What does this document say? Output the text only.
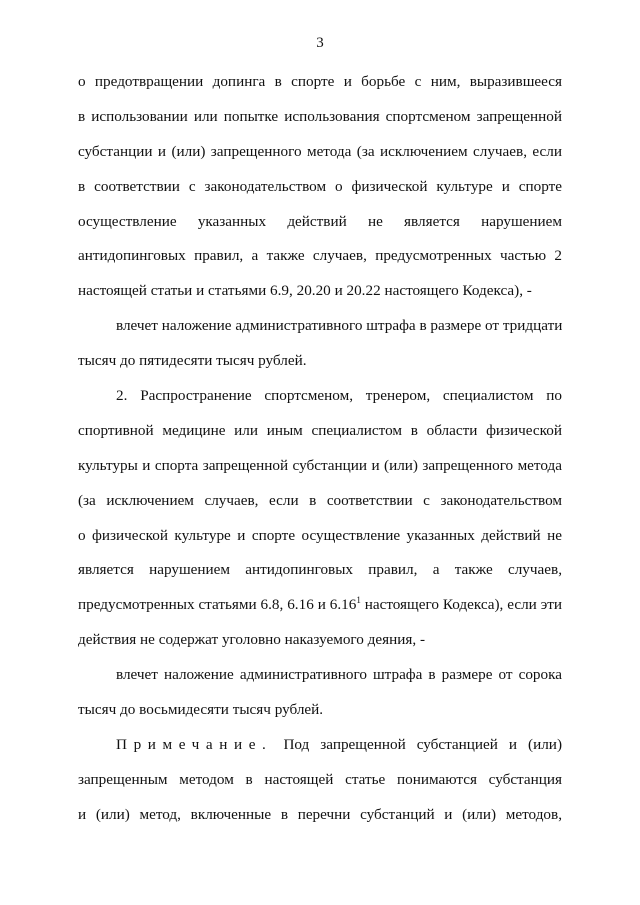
3
о предотвращении допинга в спорте и борьбе с ним, выразившееся
в использовании или попытке использования спортсменом запрещенной
субстанции и (или) запрещенного метода (за исключением случаев, если
в соответствии с законодательством о физической культуре и спорте
осуществление указанных действий не является нарушением
антидопинговых правил, а также случаев, предусмотренных частью 2
настоящей статьи и статьями 6.9, 20.20 и 20.22 настоящего Кодекса), -
влечет наложение административного штрафа в размере от тридцати
тысяч до пятидесяти тысяч рублей.
2. Распространение спортсменом, тренером, специалистом по
спортивной медицине или иным специалистом в области физической
культуры и спорта запрещенной субстанции и (или) запрещенного метода
(за исключением случаев, если в соответствии с законодательством
о физической культуре и спорте осуществление указанных действий не
является нарушением антидопинговых правил, а также случаев,
предусмотренных статьями 6.8, 6.16 и 6.16$^1$ настоящего Кодекса), если эти
действия не содержат уголовно наказуемого деяния, -
влечет наложение административного штрафа в размере от сорока
тысяч до восьмидесяти тысяч рублей.
Примечание. Под запрещенной субстанцией и (или)
запрещенным методом в настоящей статье понимаются субстанция
и (или) метод, включенные в перечни субстанций и (или) методов,
